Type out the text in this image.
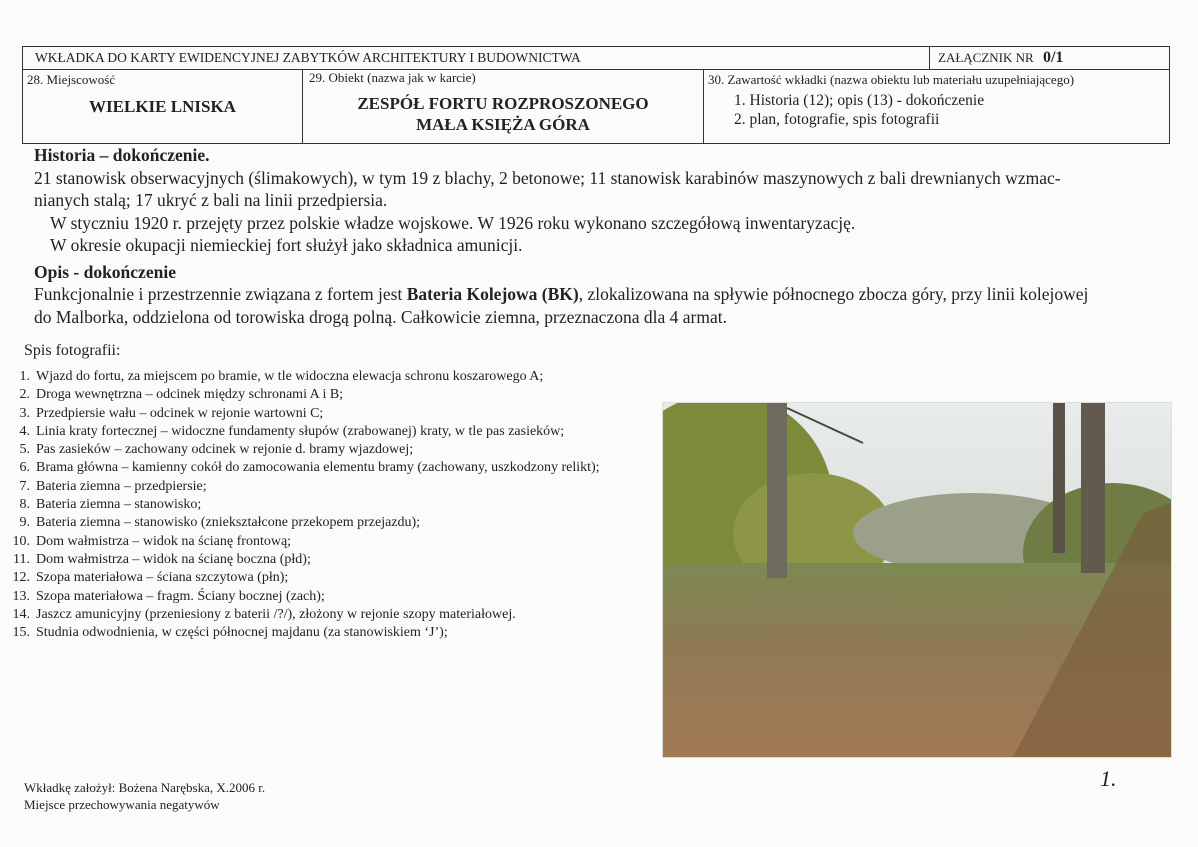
WKŁADKA DO KARTY EWIDENCYJNEJ ZABYTKÓW ARCHITEKTURY I BUDOWNICTWA	ZAŁĄCZNIK NR 0/1
28. Miejscowość
WIELKIE LNISKA
29. Obiekt (nazwa jak w karcie)
ZESPÓŁ FORTU ROZPROSZONEGO
MAŁA KSIĘŻA GÓRA
30. Zawartość wkładki (nazwa obiektu lub materiału uzupełniającego)
1. Historia (12); opis (13) - dokończenie
2. plan, fotografie, spis fotografii
Historia – dokończenie.
21 stanowisk obserwacyjnych (ślimakowych), w tym 19 z blachy, 2 betonowe; 11 stanowisk karabinów maszynowych z bali drewnianych wzmac-
nianych stalą; 17 ukryć z bali na linii przedpiersia.
W styczniu 1920 r. przejęty przez polskie władze wojskowe. W 1926 roku wykonano szczegółową inwentaryzację.
W okresie okupacji niemieckiej fort służył jako składnica amunicji.
Opis - dokończenie
Funkcjonalnie i przestrzennie związana z fortem jest Bateria Kolejowa (BK), zlokalizowana na spływie północnego zbocza góry, przy linii kolejowej
do Malborka, oddzielona od torowiska drogą polną. Całkowicie ziemna, przeznaczona dla 4 armat.
Spis fotografii:
1. Wjazd do fortu, za miejscem po bramie, w tle widoczna elewacja schronu koszarowego A;
2. Droga wewnętrzna – odcinek między schronami A i B;
3. Przedpiersie wału – odcinek w rejonie wartowni C;
4. Linia kraty fortecznej – widoczne fundamenty słupów (zrabowanej) kraty, w tle pas zasieków;
5. Pas zasieków – zachowany odcinek w rejonie d. bramy wjazdowej;
6. Brama główna – kamienny cokół do zamocowania elementu bramy (zachowany, uszkodzony relikt);
7. Bateria ziemna – przedpiersie;
8. Bateria ziemna – stanowisko;
9. Bateria ziemna – stanowisko (zniekształcone przekopem przejazdu);
10. Dom wałmistrza – widok na ścianę frontową;
11. Dom wałmistrza – widok na ścianę boczna (płd);
12. Szopa materiałowa – ściana szczytowa (płn);
13. Szopa materiałowa – fragm. Ściany bocznej (zach);
14. Jaszcz amunicyjny (przeniesiony z baterii /?/), złożony w rejonie szopy materiałowej.
15. Studnia odwodnienia, w części północnej majdanu (za stanowiskiem ‘J’);
1.
Wkładkę założył: Bożena Narębska, X.2006 r.
Miejsce przechowywania negatywów
